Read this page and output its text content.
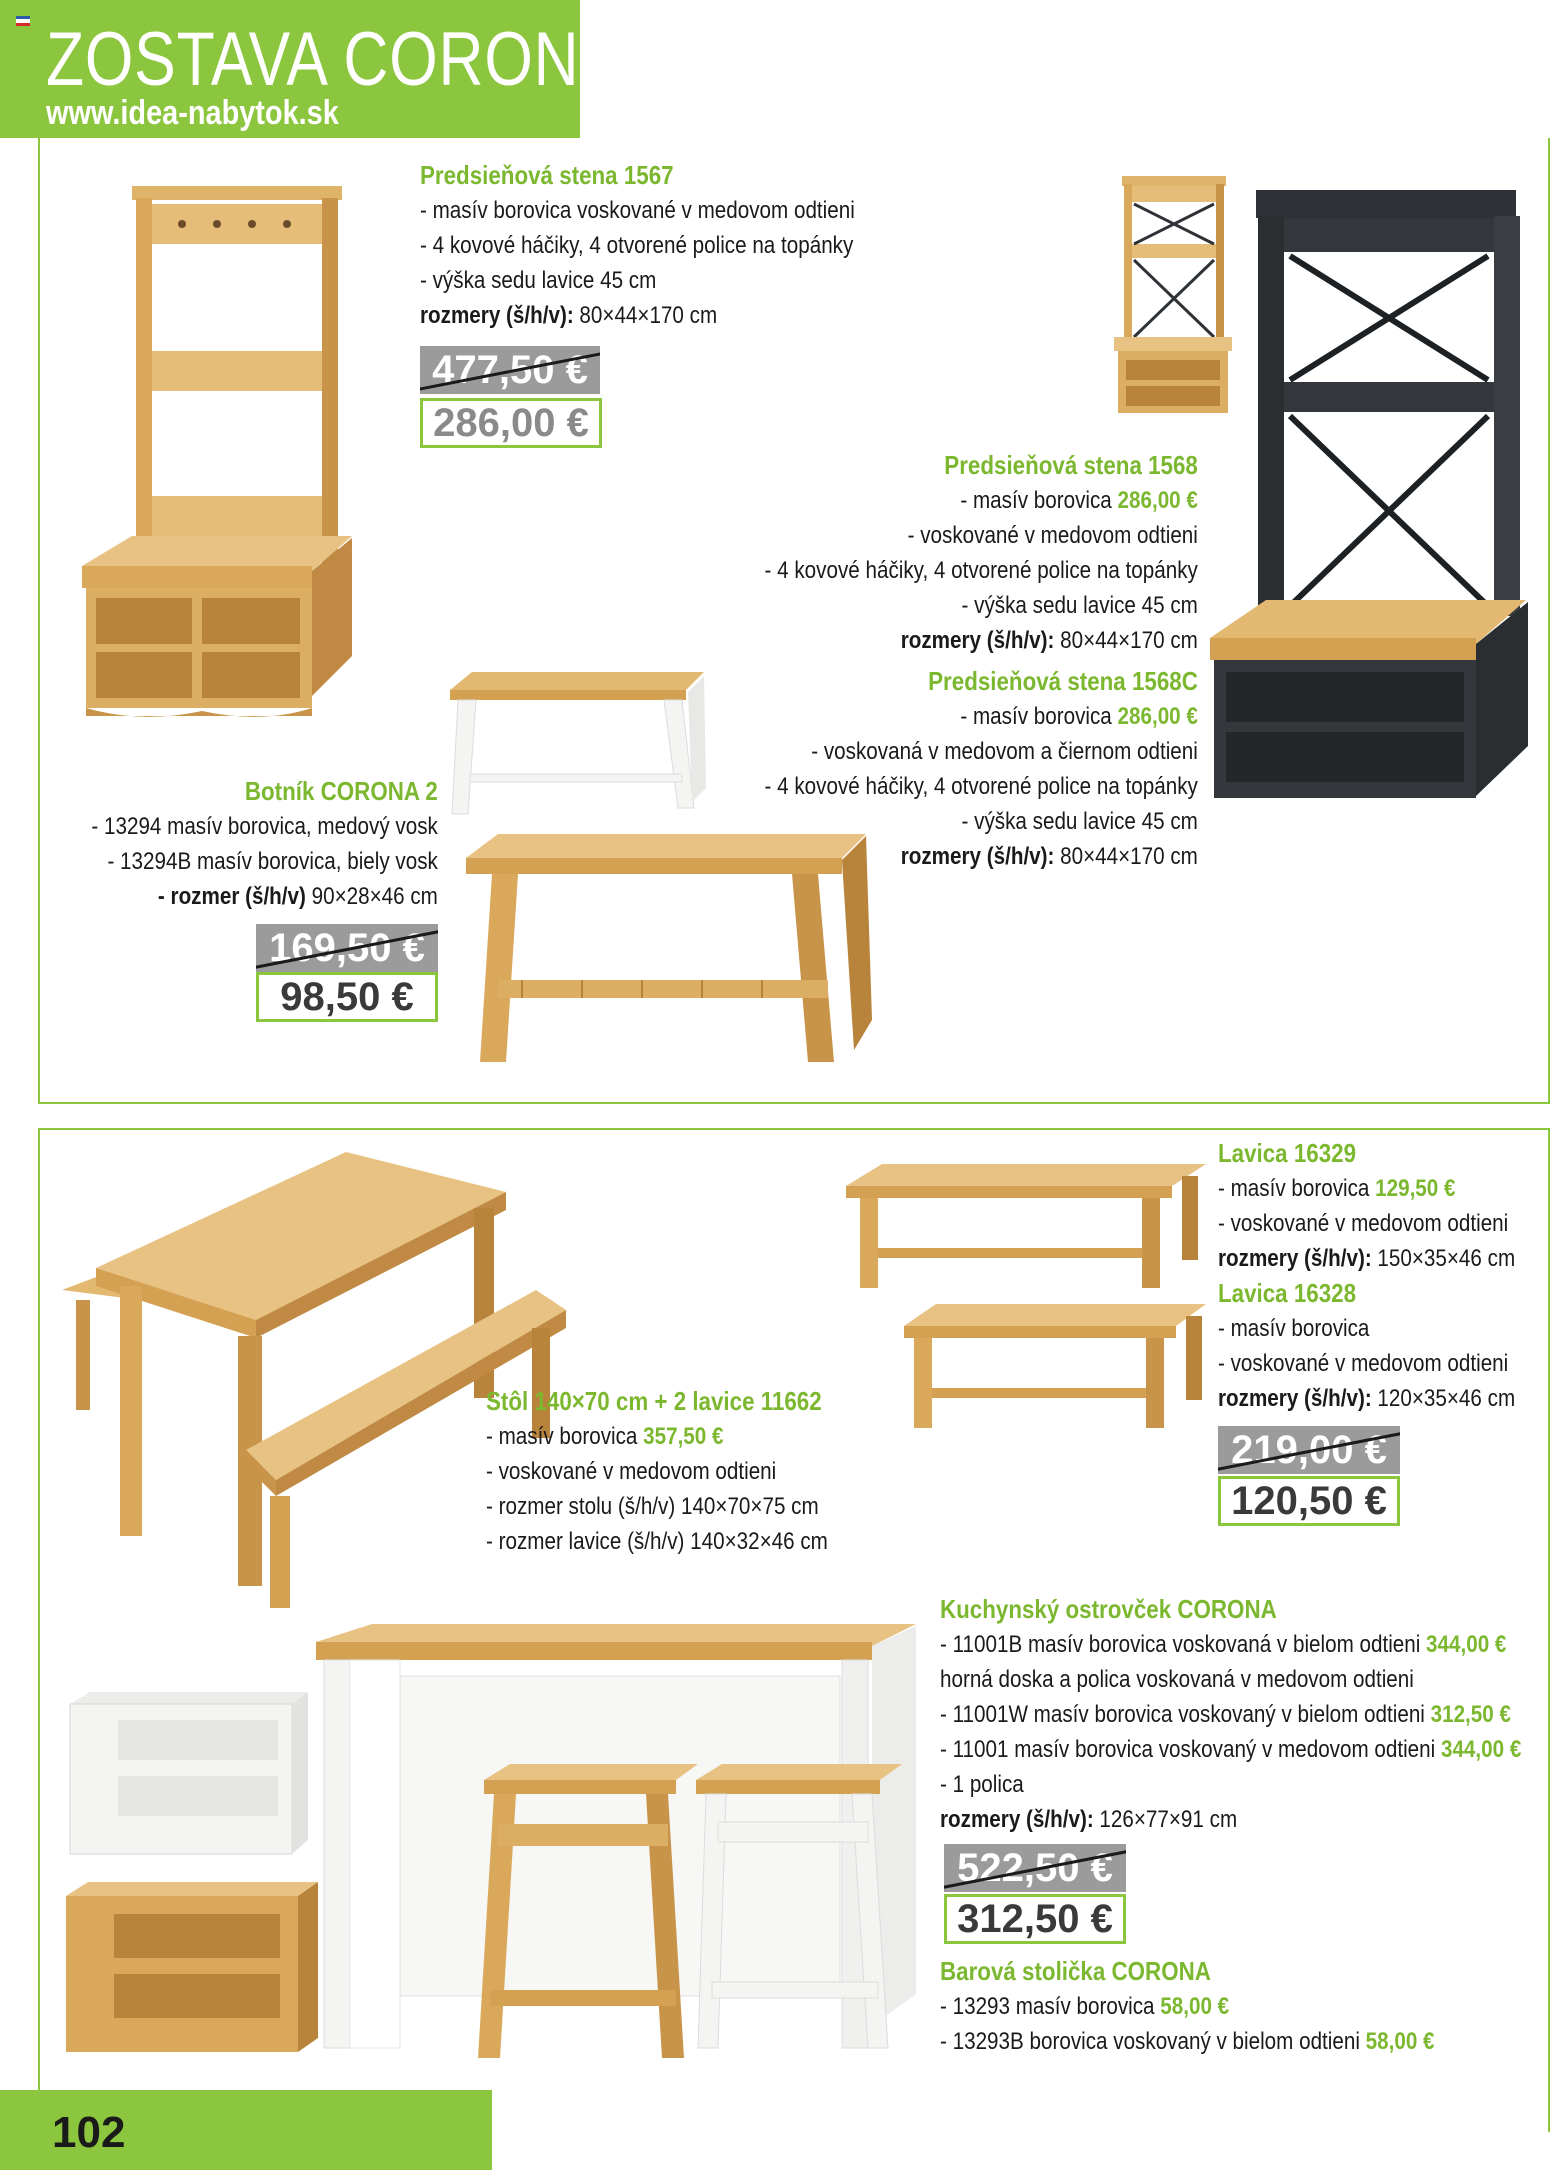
ZOSTAVA CORONA
www.idea-nabytok.sk
Predsieňová stena 1567
- masív borovica voskované v medovom odtieni
- 4 kovové háčiky, 4 otvorené police na topánky
- výška sedu lavice 45 cm
rozmery (š/h/v): 80×44×170 cm
477,50 €
286,00 €
Predsieňová stena 1568
- masív borovica 286,00 €
- voskované v medovom odtieni
- 4 kovové háčiky, 4 otvorené police na topánky
- výška sedu lavice 45 cm
rozmery (š/h/v): 80×44×170 cm
Predsieňová stena 1568C
- masív borovica 286,00 €
- voskovaná v medovom a čiernom odtieni
- 4 kovové háčiky, 4 otvorené police na topánky
- výška sedu lavice 45 cm
rozmery (š/h/v): 80×44×170 cm
Botník CORONA 2
- 13294 masív borovica, medový vosk
- 13294B masív borovica, biely vosk
- rozmer (š/h/v) 90×28×46 cm
169,50 €
98,50 €
Stôl 140×70 cm + 2 lavice 11662
- masív borovica 357,50 €
- voskované v medovom odtieni
- rozmer stolu (š/h/v) 140×70×75 cm
- rozmer lavice (š/h/v) 140×32×46 cm
Lavica 16329
- masív borovica 129,50 €
- voskované v medovom odtieni
rozmery (š/h/v): 150×35×46 cm
Lavica 16328
- masív borovica
- voskované v medovom odtieni
rozmery (š/h/v): 120×35×46 cm
219,00 €
120,50 €
Kuchynský ostrovček CORONA
- 11001B masív borovica voskovaná v bielom odtieni 344,00 €
horná doska a polica voskovaná v medovom odtieni
- 11001W masív borovica voskovaný v bielom odtieni 312,50 €
- 11001 masív borovica voskovaný v medovom odtieni 344,00 €
- 1 polica
rozmery (š/h/v): 126×77×91 cm
522,50 €
312,50 €
Barová stolička CORONA
- 13293 masív borovica 58,00 €
- 13293B borovica voskovaný v bielom odtieni 58,00 €
102
